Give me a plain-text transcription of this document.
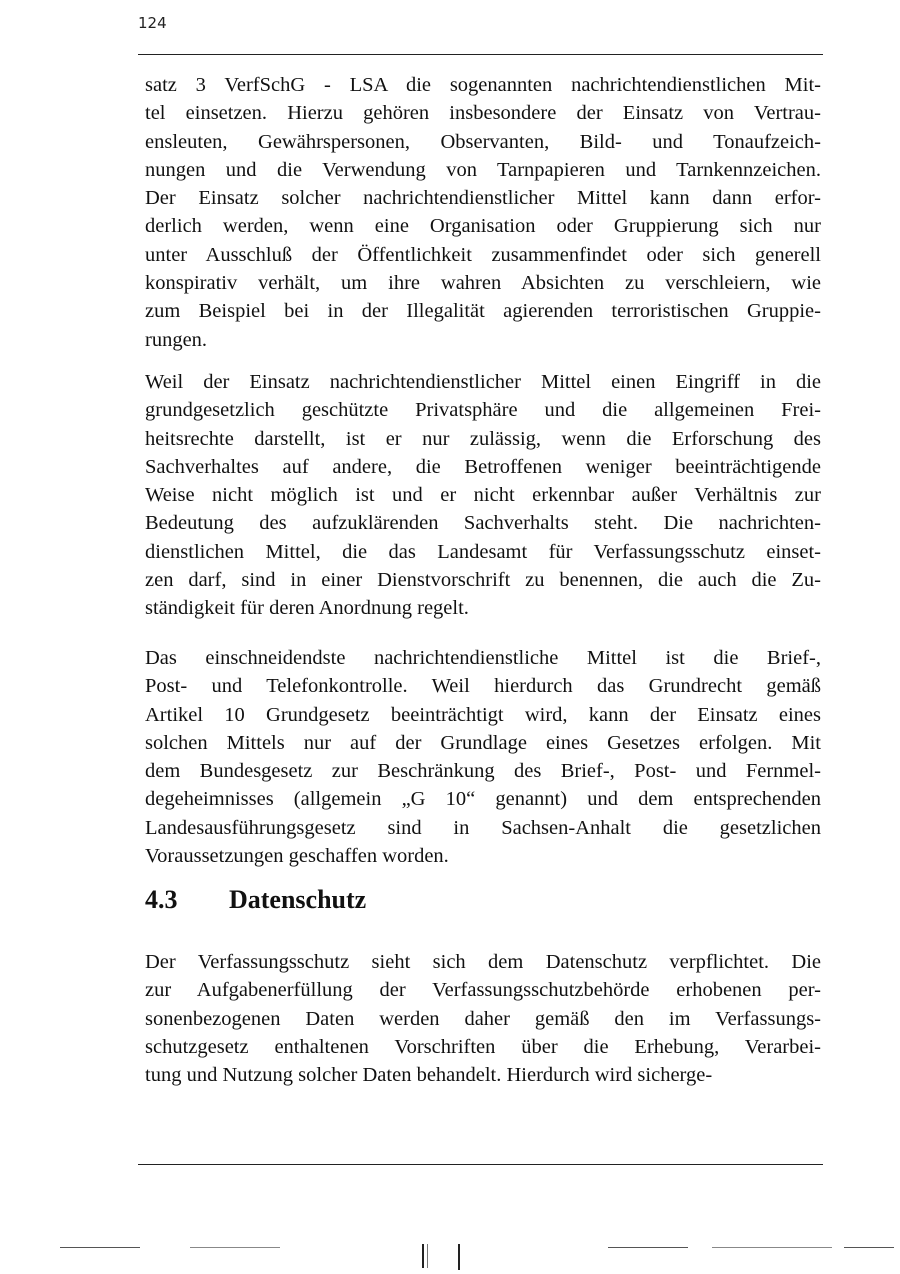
124
satz 3 VerfSchG - LSA die sogenannten nachrichtendienstlichen Mit-
tel einsetzen. Hierzu gehören insbesondere der Einsatz von Vertrau-
ensleuten, Gewährspersonen, Observanten, Bild- und Tonaufzeich-
nungen und die Verwendung von Tarnpapieren und Tarnkennzeichen.
Der Einsatz solcher nachrichtendienstlicher Mittel kann dann erfor-
derlich werden, wenn eine Organisation oder Gruppierung sich nur
unter Ausschluß der Öffentlichkeit zusammenfindet oder sich generell
konspirativ verhält, um ihre wahren Absichten zu verschleiern, wie
zum Beispiel bei in der Illegalität agierenden terroristischen Gruppie-
rungen.
Weil der Einsatz nachrichtendienstlicher Mittel einen Eingriff in die
grundgesetzlich geschützte Privatsphäre und die allgemeinen Frei-
heitsrechte darstellt, ist er nur zulässig, wenn die Erforschung des
Sachverhaltes auf andere, die Betroffenen weniger beeinträchtigende
Weise nicht möglich ist und er nicht erkennbar außer Verhältnis zur
Bedeutung des aufzuklärenden Sachverhalts steht. Die nachrichten-
dienstlichen Mittel, die das Landesamt für Verfassungsschutz einset-
zen darf, sind in einer Dienstvorschrift zu benennen, die auch die Zu-
ständigkeit für deren Anordnung regelt.
Das einschneidendste nachrichtendienstliche Mittel ist die Brief-,
Post- und Telefonkontrolle. Weil hierdurch das Grundrecht gemäß
Artikel 10 Grundgesetz beeinträchtigt wird, kann der Einsatz eines
solchen Mittels nur auf der Grundlage eines Gesetzes erfolgen. Mit
dem Bundesgesetz zur Beschränkung des Brief-, Post- und Fernmel-
degeheimnisses (allgemein „G 10“ genannt) und dem entsprechenden
Landesausführungsgesetz sind in Sachsen-Anhalt die gesetzlichen
Voraussetzungen geschaffen worden.
4.3 Datenschutz
Der Verfassungsschutz sieht sich dem Datenschutz verpflichtet. Die
zur Aufgabenerfüllung der Verfassungsschutzbehörde erhobenen per-
sonenbezogenen Daten werden daher gemäß den im Verfassungs-
schutzgesetz enthaltenen Vorschriften über die Erhebung, Verarbei-
tung und Nutzung solcher Daten behandelt. Hierdurch wird sicherge-
